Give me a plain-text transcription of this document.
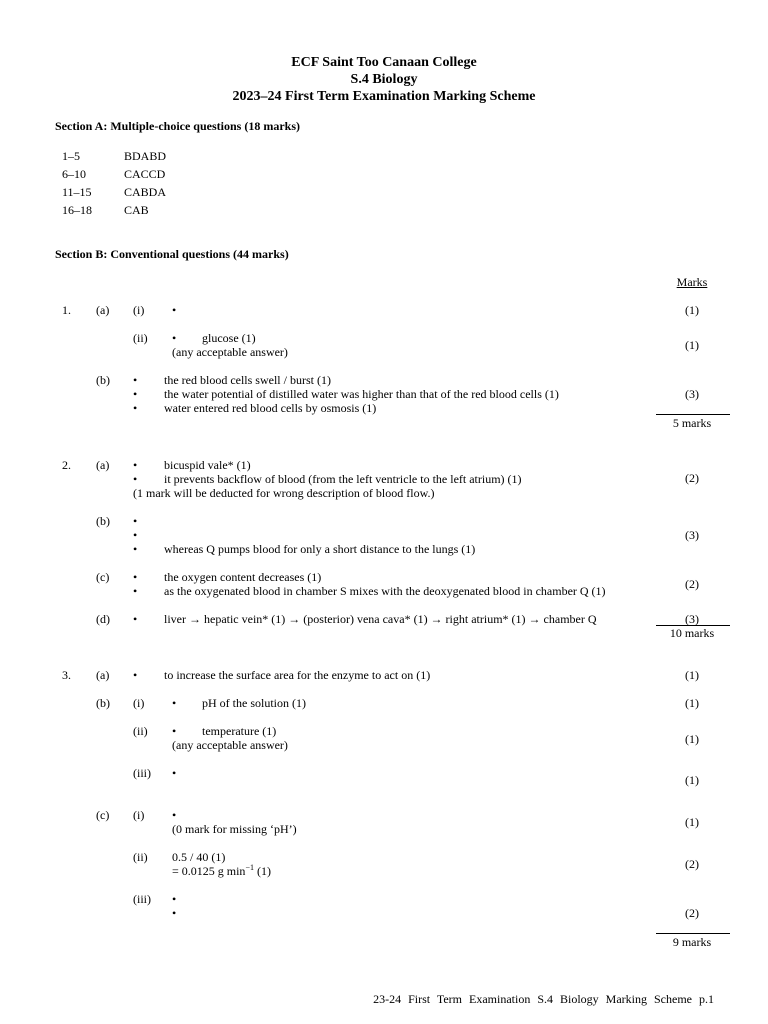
ECF Saint Too Canaan College
S.4 Biology
2023–24 First Term Examination Marking Scheme
Section A: Multiple-choice questions (18 marks)
1–5	BDABD
6–10	CACCD
11–15	CABDA
16–18	CAB
Section B: Conventional questions (44 marks)
Marks
1. (a) (i) •	(1)
(ii) • glucose (1)
(any acceptable answer)	(1)
(b) • the red blood cells swell / burst (1)
• the water potential of distilled water was higher than that of the red blood cells (1)
• water entered red blood cells by osmosis (1)
(3)
5 marks
2. (a) • bicuspid vale* (1)
• it prevents backflow of blood (from the left ventricle to the left atrium) (1)
(1 mark will be deducted for wrong description of blood flow.)
(2)
(b) •
•
• whereas Q pumps blood for only a short distance to the lungs (1)
(3)
(c) • the oxygen content decreases (1)
• as the oxygenated blood in chamber S mixes with the deoxygenated blood in chamber Q (1)	(2)
(d) • liver → hepatic vein* (1) → (posterior) vena cava* (1) → right atrium* (1) → chamber Q	(3)
10 marks
3. (a) • to increase the surface area for the enzyme to act on (1)	(1)
(b) (i) • pH of the solution (1)	(1)
(ii) • temperature (1)
(any acceptable answer)	(1)
(iii) •	(1)
(c) (i) •
(0 mark for missing ‘pH’)	(1)
(ii) 0.5 / 40 (1)
= 0.0125 g $\min^{-1} (1)$	(2)
(iii) •
•	(2)
9 marks
23-24 First Term Examination S.4 Biology Marking Scheme p.1
